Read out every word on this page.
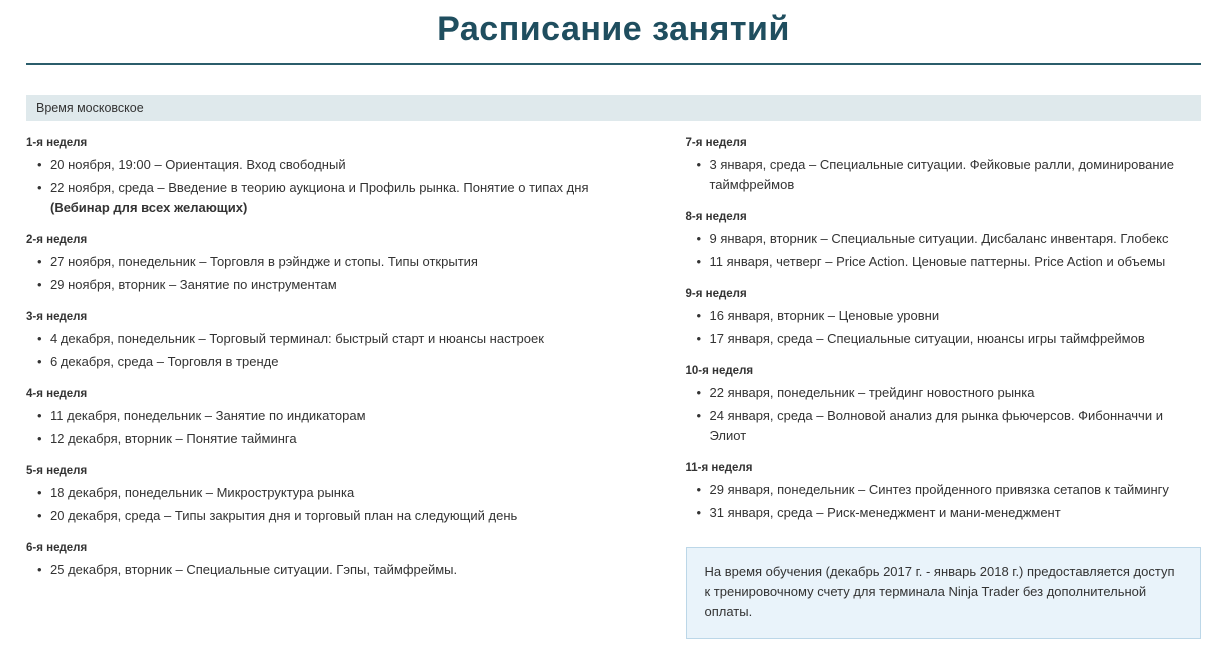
Расписание занятий
Время московское
1-я неделя
• 20 ноября, 19:00 – Ориентация. Вход свободный
• 22 ноября, среда – Введение в теорию аукциона и Профиль рынка. Понятие о типах дня (Вебинар для всех желающих)
2-я неделя
• 27 ноября, понедельник – Торговля в рэйндже и стопы. Типы открытия
• 29 ноября, вторник – Занятие по инструментам
3-я неделя
• 4 декабря, понедельник – Торговый терминал: быстрый старт и нюансы настроек
• 6 декабря, среда – Торговля в тренде
4-я неделя
• 11 декабря, понедельник – Занятие по индикаторам
• 12 декабря, вторник – Понятие тайминга
5-я неделя
• 18 декабря, понедельник – Микроструктура рынка
• 20 декабря, среда – Типы закрытия дня и торговый план на следующий день
6-я неделя
• 25 декабря, вторник – Специальные ситуации. Гэпы, таймфреймы.
7-я неделя
• 3 января, среда – Специальные ситуации. Фейковые ралли, доминирование таймфреймов
8-я неделя
• 9 января, вторник – Специальные ситуации. Дисбаланс инвентаря. Глобекс
• 11 января, четверг – Price Action. Ценовые паттерны. Price Action и объемы
9-я неделя
• 16 января, вторник – Ценовые уровни
• 17 января, среда – Специальные ситуации, нюансы игры таймфреймов
10-я неделя
• 22 января, понедельник – трейдинг новостного рынка
• 24 января, среда – Волновой анализ для рынка фьючерсов. Фибонначчи и Элиот
11-я неделя
• 29 января, понедельник – Синтез пройденного привязка сетапов к таймингу
• 31 января, среда – Риск-менеджмент и мани-менеджмент
На время обучения (декабрь 2017 г. - январь 2018 г.) предоставляется доступ к тренировочному счету для терминала Ninja Trader без дополнительной оплаты.
